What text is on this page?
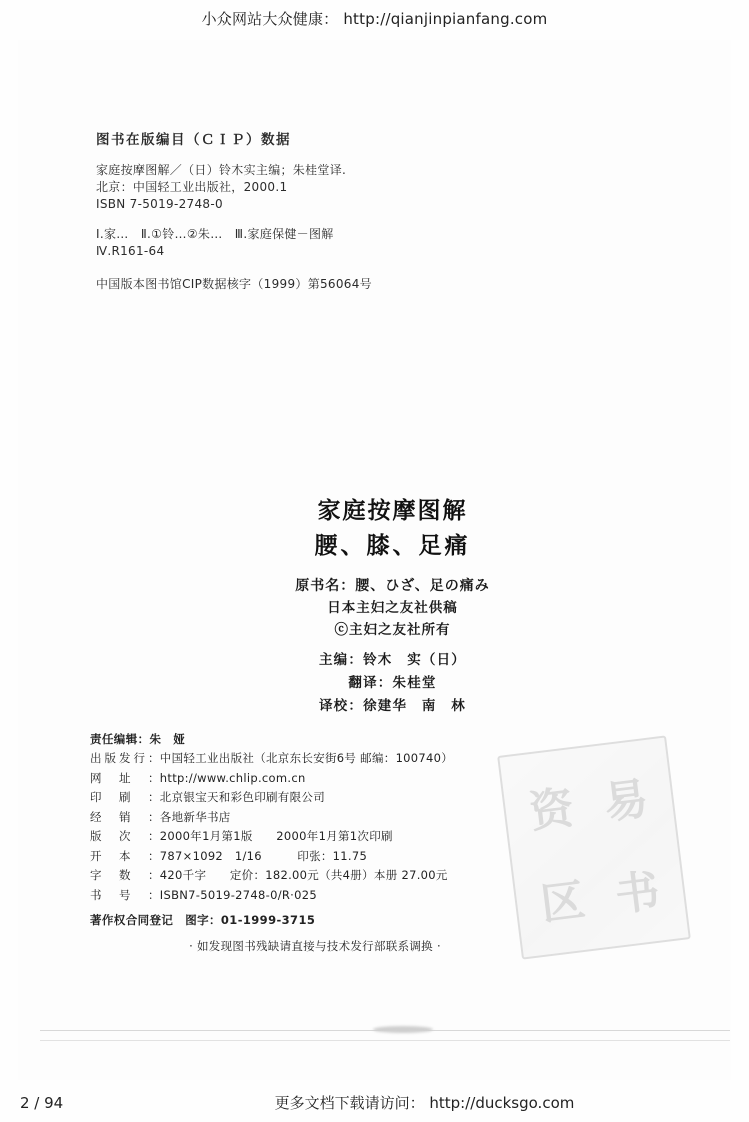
小众网站大众健康： http://qianjinpianfang.com
图书在版编目（ＣＩＰ）数据
家庭按摩图解／（日）铃木实主编；朱桂堂译.
北京：中国轻工业出版社，2000.1
ISBN 7-5019-2748-0
Ⅰ.家…　Ⅱ.①铃…②朱…　Ⅲ.家庭保健－图解
Ⅳ.R161-64
中国版本图书馆CIP数据核字（1999）第56064号
家庭按摩图解
腰、膝、足痛
原书名：腰、ひざ、足の痛み
日本主妇之友社供稿
ⓒ主妇之友社所有
主编：铃木　实（日）
翻译：朱桂堂
译校：徐建华　南　林
责任编辑：朱　娅
出版发行 ：中国轻工业出版社（北京东长安街6号 邮编：100740）
网　址	：http://www.chlip.com.cn
印　刷	：北京银宝天和彩色印刷有限公司
经　销	：各地新华书店
版　次	：2000年1月第1版　　2000年1月第1次印刷
开　本	：787×1092　1/16　　　印张：11.75
字　数	：420千字　　定价：182.00元（共4册）本册 27.00元
书　号	：ISBN7-5019-2748-0/R·025
著作权合同登记　图字：01-1999-3715
· 如发现图书残缺请直接与技术发行部联系调换 ·
资 易
区 书
2 / 94	更多文档下载请访问： http://ducksgo.com
